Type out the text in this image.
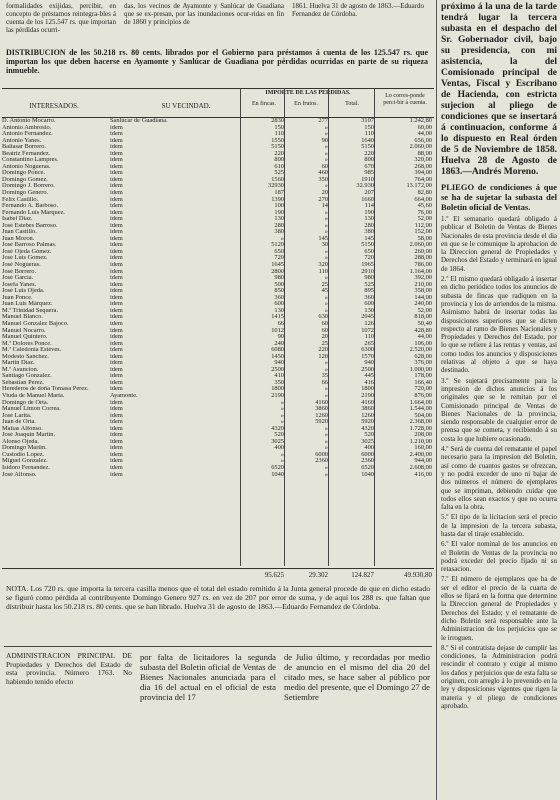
formalidades exijidas, percibir, en concepto de préstamos reintegra-bles á cuenta de los 125.547 rs. que importan las pérdidas ocurri-
das, los vecinos de Ayamonte y Sanlúcar de Guadiana que se ex-presan, por las inundaciones ocur-ridas en fin de 1860 y principios de
1861. Huelva 31 de agosto de 1863.—Eduardo Fernandez de Córdoba.
DISTRIBUCION de los 50.218 rs. 80 cents. librados por el Gobierno para préstamos á cuenta de los 125.547 rs. que importan los que deben hacerse en Ayamonte y Sanlúcar de Guadiana por pérdidas ocurridas en parte de su riqueza inmueble.
INTERESADOS.	SU VECINDAD.
IMPORTE DE LAS PERDIDAS.
En fincas.	En frutos.	Total.
Lo corres-ponde perci-bir á cuenta.
D. Antonio Mocarro.	Sanlúcar de Guadiana.	2830	277	3107	1.242,80
Antonio Ambrosio.	idem	150	»	150	60,00
Antonio Fernandez.	idem	110	»	110	44,00
Antonio Yanes.	idem	1550	90	1640	656,00
Baltasar Borrero.	idem	5150	»	5150	2.060,00
Beatriz Fernandez.	idem	220	»	220	88,00
Constantino Lampres.	idem	800	»	800	320,00
Antonio Nogueras.	idem	610	60	670	268,00
Domingo Ponce.	idem	525	460	985	394,00
Domingo Gomez.	idem	1560	350	1910	764,00
Domingo J. Borrero.	idem	32930	»	32.930	13.172,00
Domingo Genero.	idem	187	20	207	82,80
Felix Castillo.	idem	1390	270	1660	664,00
Fernando A. Barboso.	idem	100	14	114	45,60
Fernando Luis Márquez.	idem	190	»	190	76,00
Isabel Diaz.	idem	130	»	130	52,00
José Estebes Barroso.	idem	280	»	280	112,00
Juan Castillo.	idem	380	»	380	152,00
Juan Moron.	idem	»	145	145	58,00
José Barroso Palmas.	idem	5120	30	5150	2.060,00
José Ojeda Gómez.	idem	650	»	650	260,00
José Luis Gomez.	idem	720	»	720	288,00
José Nogueras.	idem	1645	320	1965	786,00
José Borrero.	idem	2800	110	2910	1.164,00
José García.	idem	980	»	980	392,00
Josefa Yanes.	idem	500	25	525	210,00
José Luis Ojeda.	idem	850	45	895	358,00
Juan Ponce.	idem	360	»	360	144,00
Juan Luis Márquez.	idem	600	»	600	240,00
M.ª Trinidad Sequera.	idem	130	»	130	52,00
Manuel Blanco.	idem	1415	630	2045	818,00
Manuel Gonzalez Bajoco.	idem	66	60	126	50,40
Manuel Nocarro.	idem	1012	60	1072	428,80
Manuel Quintero.	idem	90	20	110	44,00
M.ª Dolores Ponce.	idem	240	25	265	106,00
M.ª Caledonia Estéves.	idem	6080	220	6300	2.520,00
Modesto Sanchez.	idem	1450	120	1570	628,00
Martin Díaz.	idem	940	»	940	376,00
M.ª Asuncion.	idem	2500	»	2500	1.000,00
Santiago Gonzalez.	idem	410	35	445	178,00
Sebastian Perez.	idem	350	66	416	166,40
Herederos de doña Tomasa Perez.	idem	1800	»	1800	720,00
Viuda de Manuel Marta.	Ayamonte.	2190	»	2190	876,00
Domingo de Orta.	idem	»	4160	4160	1.664,00
Manuel Limon Correa.	idem	»	3860	3860	1.544,00
José Larita.	idem	»	1260	1260	504,00
Juan de Orta.	idem	»	5920	5920	2.368,00
Matías Alfonso.	idem	4320	»	4320	1.728,00
José Joaquin Martin.	idem	520	»	520	208,00
Alonso Ojeda.	idem	3025	»	3025	1.210,00
Domingo Martin.	idem	400	»	400	160,00
Custodio Lopez.	idem	»	6000	6000	2.400,00
Miguel Gonzalez.	idem	»	2360	2360	944,00
Isidoro Fernandez.	idem	6520	»	6520	2.608,00
José Alfonso.	idem	1040	»	1040	416,00
95.625	29.302	124.827	49.930,80
NOTA. Los 720 rs. que importa la tercera casilla menos que el total del estado remitido á la Junta general procede de que en dicho estado se figuró como pérdida al contribuyente Domingo Genero 927 rs. en vez de 207 por error de suma, y de aquí los 288 rs. que faltan que distribuir hasta los 50.218 rs. 80 cents. que se han librado. Huelva 31 de agosto de 1863.—Eduardo Fernandez de Córdoba.
ADMINISTRACION PRINCIPAL DE Propiedades y Derechos del Estado de esta provincia. Número 1763. No habiendo tenido efecto
por falta de licitadores la segunda subasta del Boletin oficial de Ventas de Bienes Nacionales anunciada para el dia 16 del actual en el oficial de esta provincia del 17
de Julio último, y recordadas por medio de anuncio en el mismo del dia 20 del citado mes, se hace saber al público por medio del presente, que el Domingo 27 de Setiembre
próximo á la una de la tarde tendrá lugar la tercera subasta en el despacho del Sr. Gobernador civil, bajo su presidencia, con mi asistencia, la del Comisionado principal de Ventas, Fiscal y Escribano de Hacienda, con estricta sujecion al pliego de condiciones que se insertará á continuacion, conforme á lo dispuesto en Real órden de 5 de Noviembre de 1858. Huelva 28 de Agosto de 1863.—Andrés Moreno.
PLIEGO de condiciones á que se ha de sujetar la subasta del Boletin oficial de Ventas.
1.º El semanario quedará obligado á publicar el Boletin de Ventas de Bienes Nacionales de esta provincia desde el dia en que se le comunique la aprobacion de la Direccion general de Propiedades y Derechos del Estado y terminará en igual de 1864.
2.º El mismo quedará obligado á insertar en dicho periódico todos los anuncios de subasta de fincas que radiquen en la provincia y los de arriendos de la misma. Asimismo habrá de insertar todas las disposiciones superiores que se dicten respecto al ramo de Bienes Nacionales y Propiedades y Derechos del Estado, por lo que se refiere á las rentas y ventas, así como todos los anuncios y disposiciones relativas al objeto á que se haya destinado.
3.º Se sujetará precisamente para la impresion de dichos anuncios á los originales que se le remitan por el Comisionado principal de Ventas de Bienes Nacionales de la provincia, siendo responsable de cualquier error de prensa que se cometa, y recibiendo á su costa lo que hubiere ocasionado.
4.º Será de cuenta del rematante el papel necesario para la impresion del Boletin, así como de cuantos gastos se ofrezcan, y no podrá exceder de uno ni bajar de dos números el número de ejemplares que se impriman, debiendo cuidar que todos ellos sean exactos y que no ocurra falta en la obra.
5.º El tipo de la licitacion será el precio de la impresion de la tercera subasta, hasta dar el tiraje establecido.
6.º El valor nominal de los anuncios en el Boletin de Ventas de la provincia no podrá exceder del precio fijado ni su retasacion.
7.º El número de ejemplares que ha de ser el editor el precio de la cuarta de ellos se fijará en la forma que determine la Direccion general de Propiedades y Derechos del Estado; y el rematante de dicho Boletin será responsable ante la Administracion de los perjuicios que se le irroguen.
8.º Si el contratista dejase de cumplir las condiciones, la Administracion podrá rescindir el contrato y exigir al mismo los daños y perjuicios que de esta falta se originen, con arreglo á lo prevenido en la ley y disposiciones vigentes que rigen la materia y el pliego de condiciones aprobado.
